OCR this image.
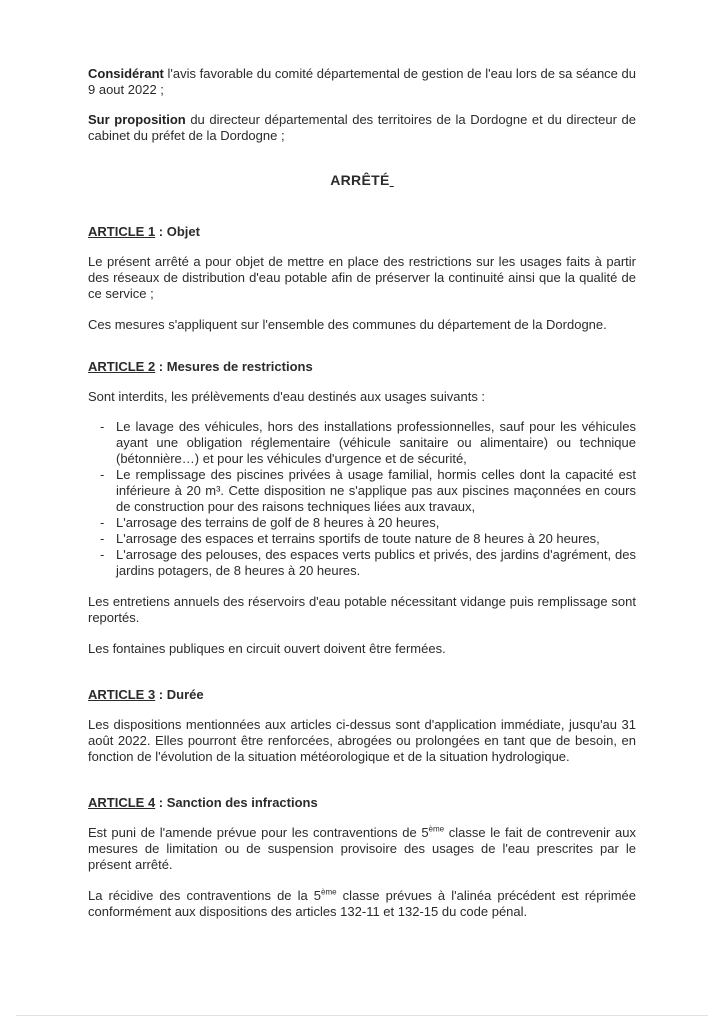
Considérant l'avis favorable du comité départemental de gestion de l'eau lors de sa séance du 9 aout 2022 ;

Sur proposition du directeur départemental des territoires de la Dordogne et du directeur de cabinet du préfet de la Dordogne ;

ARRÊTÉ
ARTICLE 1 : Objet

Le présent arrêté a pour objet de mettre en place des restrictions sur les usages faits à partir des réseaux de distribution d'eau potable afin de préserver la continuité ainsi que la qualité de ce service ;

Ces mesures s'appliquent sur l'ensemble des communes du département de la Dordogne.

ARTICLE 2 : Mesures de restrictions

Sont interdits, les prélèvements d'eau destinés aux usages suivants :

- Le lavage des véhicules, hors des installations professionnelles, sauf pour les véhicules ayant une obligation réglementaire (véhicule sanitaire ou alimentaire) ou technique (bétonnière…) et pour les véhicules d'urgence et de sécurité,
- Le remplissage des piscines privées à usage familial, hormis celles dont la capacité est inférieure à 20 m³. Cette disposition ne s'applique pas aux piscines maçonnées en cours de construction pour des raisons techniques liées aux travaux,
- L'arrosage des terrains de golf de 8 heures à 20 heures,
- L'arrosage des espaces et terrains sportifs de toute nature de 8 heures à 20 heures,
- L'arrosage des pelouses, des espaces verts publics et privés, des jardins d'agrément, des jardins potagers, de 8 heures à 20 heures.

Les entretiens annuels des réservoirs d'eau potable nécessitant vidange puis remplissage sont reportés.

Les fontaines publiques en circuit ouvert doivent être fermées.

ARTICLE 3 : Durée

Les dispositions mentionnées aux articles ci-dessus sont d'application immédiate, jusqu'au 31 août 2022. Elles pourront être renforcées, abrogées ou prolongées en tant que de besoin, en fonction de l'évolution de la situation météorologique et de la situation hydrologique.

ARTICLE 4 : Sanction des infractions

Est puni de l'amende prévue pour les contraventions de 5ème classe le fait de contrevenir aux mesures de limitation ou de suspension provisoire des usages de l'eau prescrites par le présent arrêté.

La récidive des contraventions de la 5ème classe prévues à l'alinéa précédent est réprimée conformément aux dispositions des articles 132-11 et 132-15 du code pénal.
